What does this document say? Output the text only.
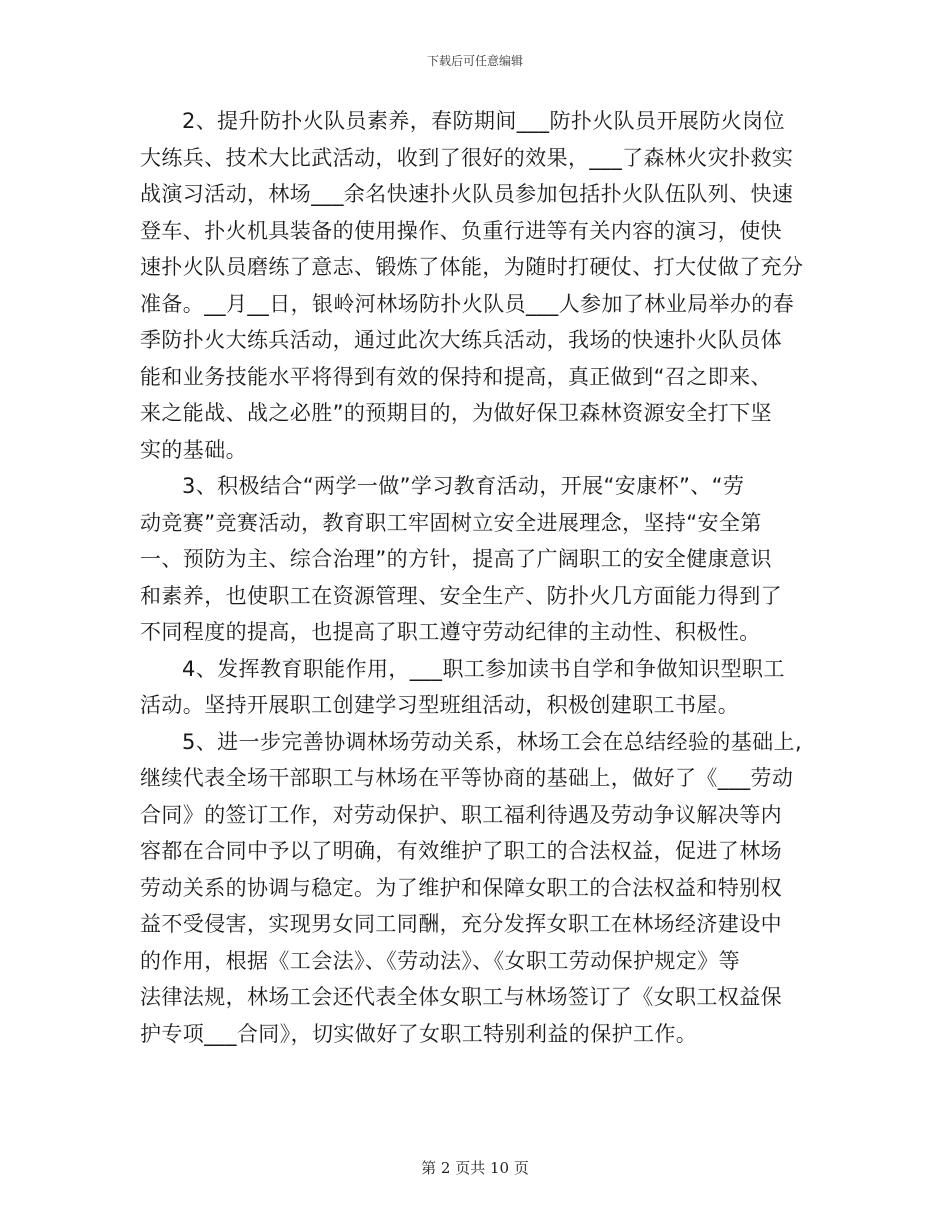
下载后可任意编辑
2、提升防扑火队员素养，春防期间___防扑火队员开展防火岗位
大练兵、技术大比武活动，收到了很好的效果，___了森林火灾扑救实
战演习活动，林场___余名快速扑火队员参加包括扑火队伍队列、快速
登车、扑火机具装备的使用操作、负重行进等有关内容的演习，使快
速扑火队员磨练了意志、锻炼了体能，为随时打硬仗、打大仗做了充分
准备。__月__日，银岭河林场防扑火队员___人参加了林业局举办的春
季防扑火大练兵活动，通过此次大练兵活动，我场的快速扑火队员体
能和业务技能水平将得到有效的保持和提高，真正做到“召之即来、
来之能战、战之必胜”的预期目的，为做好保卫森林资源安全打下坚
实的基础。
3、积极结合“两学一做”学习教育活动，开展“安康杯”、“劳
动竞赛”竞赛活动，教育职工牢固树立安全进展理念，坚持“安全第
一、预防为主、综合治理”的方针，提高了广阔职工的安全健康意识
和素养，也使职工在资源管理、安全生产、防扑火几方面能力得到了
不同程度的提高，也提高了职工遵守劳动纪律的主动性、积极性。
4、发挥教育职能作用，___职工参加读书自学和争做知识型职工
活动。坚持开展职工创建学习型班组活动，积极创建职工书屋。
5、进一步完善协调林场劳动关系，林场工会在总结经验的基础上,
继续代表全场干部职工与林场在平等协商的基础上，做好了《___劳动
合同》的签订工作，对劳动保护、职工福利待遇及劳动争议解决等内
容都在合同中予以了明确，有效维护了职工的合法权益，促进了林场
劳动关系的协调与稳定。为了维护和保障女职工的合法权益和特别权
益不受侵害，实现男女同工同酬，充分发挥女职工在林场经济建设中
的作用，根据《工会法》、《劳动法》、《女职工劳动保护规定》等
法律法规，林场工会还代表全体女职工与林场签订了《女职工权益保
护专项___合同》，切实做好了女职工特别利益的保护工作。
第 2 页共 10 页
